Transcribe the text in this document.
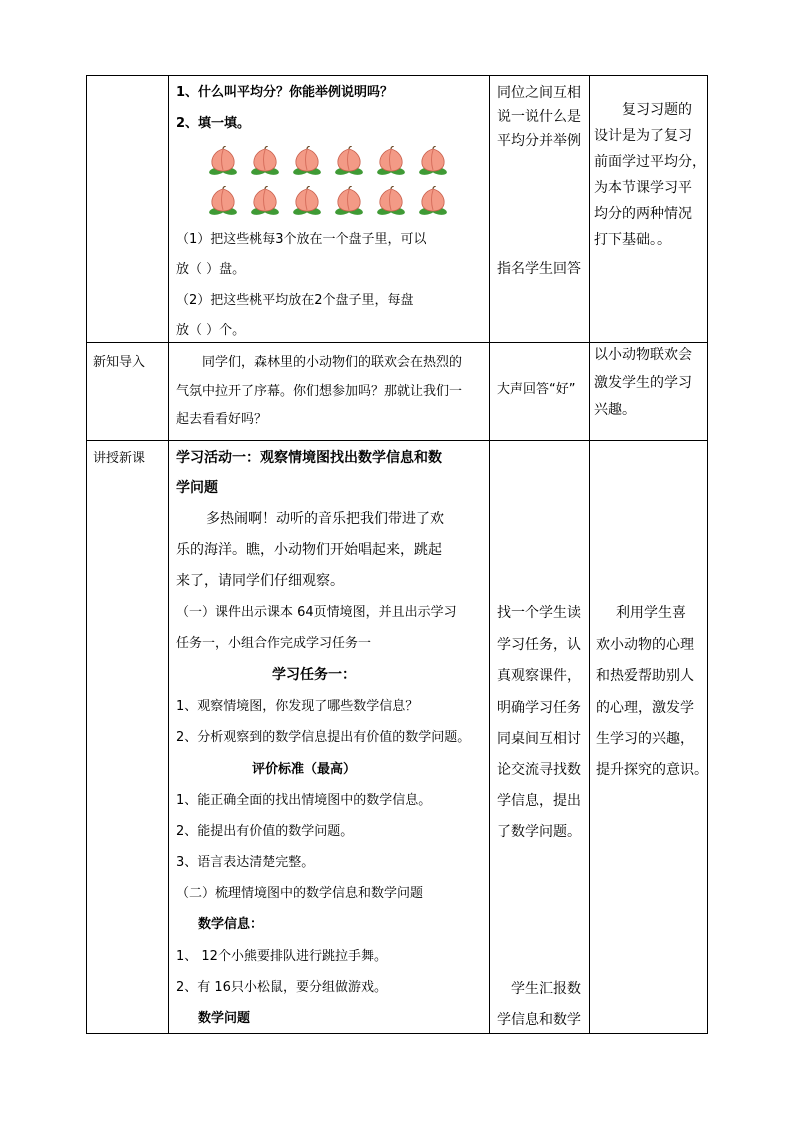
1、什么叫平均分？你能举例说明吗？
2、填一填。
（1）把这些桃每3个放在一个盘子里，可以
放（ ）盘。
（2）把这些桃平均放在2个盘子里，每盘
放（ ）个。
同位之间互相
说一说什么是
平均分并举例
指名学生回答
复习习题的
设计是为了复习
前面学过平均分，
为本节课学习平
均分的两种情况
打下基础。。
新知导入	同学们，森林里的小动物们的联欢会在热烈的
气氛中拉开了序幕。你们想参加吗？那就让我们一
起去看看好吗？
大声回答“好”
以小动物联欢会
激发学生的学习
兴趣。
讲授新课 学习活动一：观察情境图找出数学信息和数
学问题
多热闹啊！动听的音乐把我们带进了欢
乐的海洋。瞧，小动物们开始唱起来，跳起
来了，请同学们仔细观察。
（一）课件出示课本 64页情境图，并且出示学习
任务一，小组合作完成学习任务一
学习任务一：
1、观察情境图，你发现了哪些数学信息？
2、分析观察到的数学信息提出有价值的数学问题。
评价标准（最高）
1、能正确全面的找出情境图中的数学信息。
2、能提出有价值的数学问题。
3、语言表达清楚完整。
（二）梳理情境图中的数学信息和数学问题
数学信息：
1、 12个小熊要排队进行跳拉手舞。
2、有 16只小松鼠，要分组做游戏。
数学问题
找一个学生读
学习任务，认
真观察课件，
明确学习任务
同桌间互相讨
论交流寻找数
学信息，提出
了数学问题。
学生汇报数
学信息和数学
利用学生喜
欢小动物的心理
和热爱帮助别人
的心理，激发学
生学习的兴趣，
提升探究的意识。
